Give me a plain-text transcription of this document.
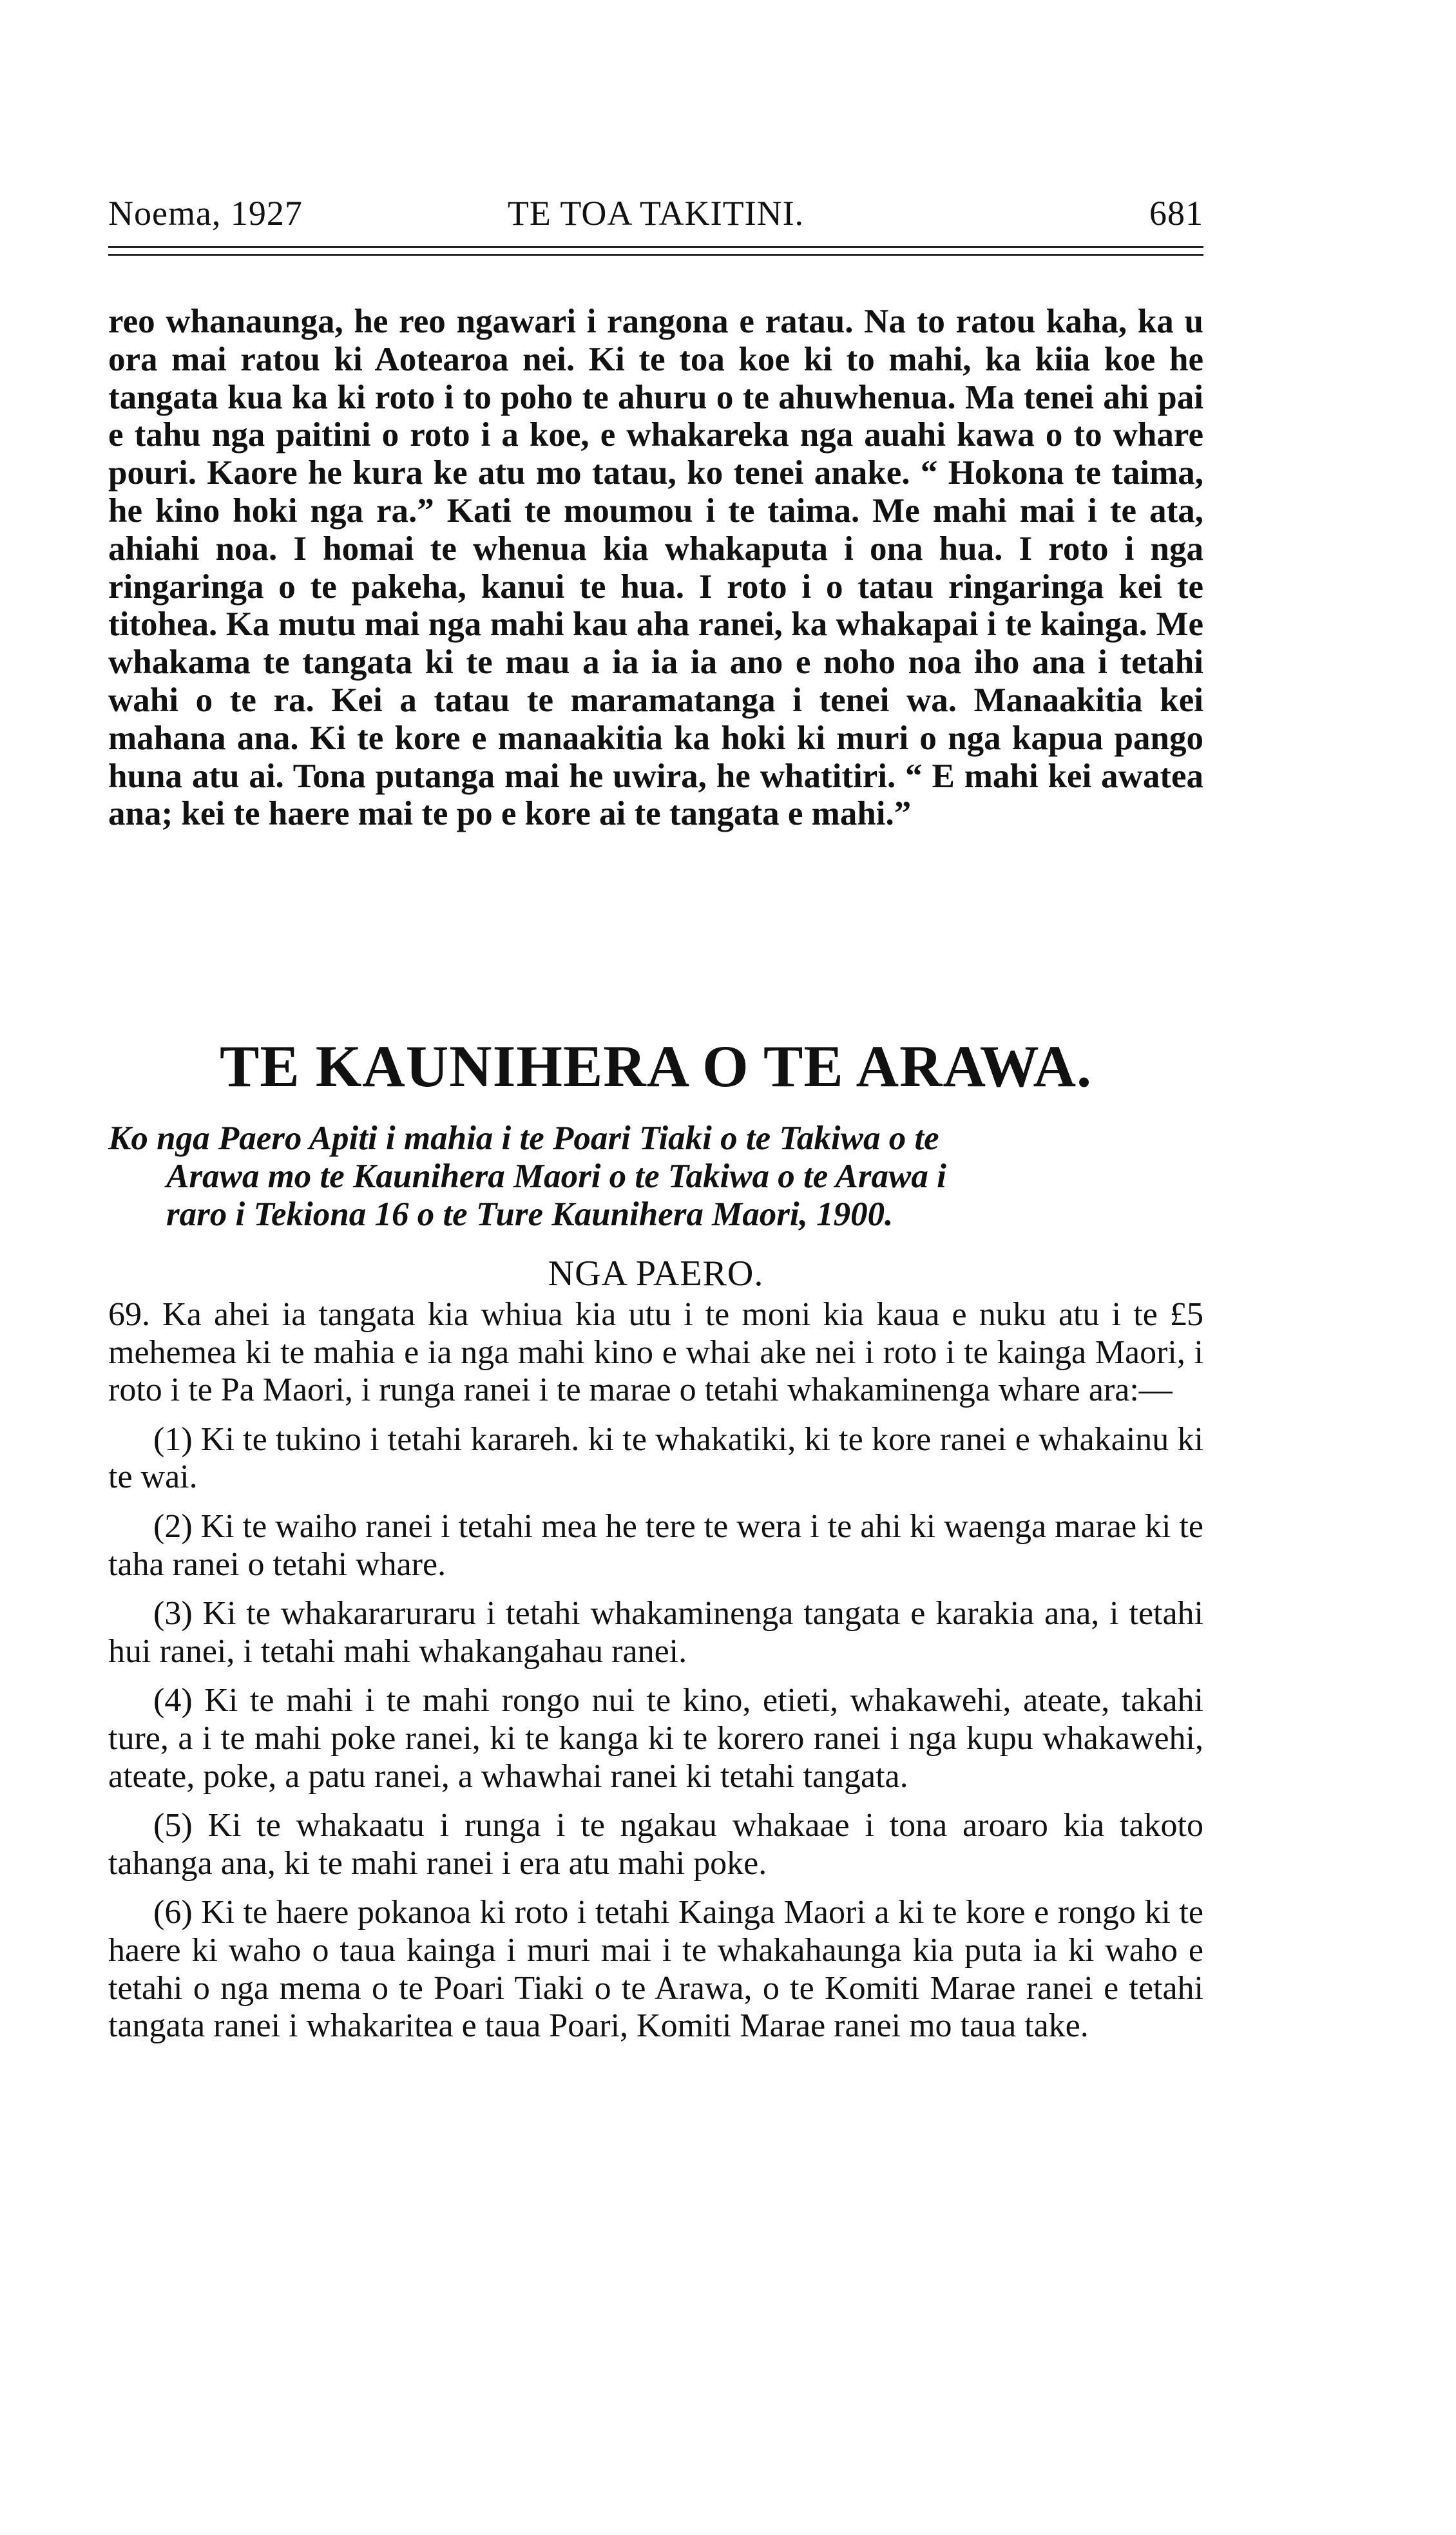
Noema, 1927	TE TOA TAKITINI.	681
reo whanaunga, he reo ngawari i rangona e ratau. Na to ratou kaha, ka u ora mai ratou ki Aotearoa nei. Ki te toa koe ki to mahi, ka kiia koe he tangata kua ka ki roto i to poho te ahuru o te ahuwhenua. Ma tenei ahi pai e tahu nga paitini o roto i a koe, e whakareka nga auahi kawa o to whare pouri. Kaore he kura ke atu mo tatau, ko tenei anake. “ Hokona te taima, he kino hoki nga ra.” Kati te moumou i te taima. Me mahi mai i te ata, ahiahi noa. I homai te whenua kia whakaputa i ona hua. I roto i nga ringaringa o te pakeha, kanui te hua. I roto i o tatau ringaringa kei te titohea. Ka mutu mai nga mahi kau aha ranei, ka whakapai i te kainga. Me whakama te tangata ki te mau a ia ia ia ano e noho noa iho ana i tetahi wahi o te ra. Kei a tatau te maramatanga i tenei wa. Manaakitia kei mahana ana. Ki te kore e manaakitia ka hoki ki muri o nga kapua pango huna atu ai. Tona putanga mai he uwira, he whatitiri. “ E mahi kei awatea ana; kei te haere mai te po e kore ai te tangata e mahi.”
TE KAUNIHERA O TE ARAWA.
Ko nga Paero Apiti i mahia i te Poari Tiaki o te Takiwa o te
Arawa mo te Kaunihera Maori o te Takiwa o te Arawa i
raro i Tekiona 16 o te Ture Kaunihera Maori, 1900.
NGA PAERO.

69. Ka ahei ia tangata kia whiua kia utu i te moni kia kaua e nuku atu i te £5 mehemea ki te mahia e ia nga mahi kino e whai ake nei i roto i te kainga Maori, i roto i te Pa Maori, i runga ranei i te marae o tetahi whakaminenga whare ara:—

(1) Ki te tukino i tetahi karareh. ki te whakatiki, ki te kore ranei e whakainu ki te wai.

(2) Ki te waiho ranei i tetahi mea he tere te wera i te ahi ki waenga marae ki te taha ranei o tetahi whare.

(3) Ki te whakararuraru i tetahi whakaminenga tangata e karakia ana, i tetahi hui ranei, i tetahi mahi whakangahau ranei.

(4) Ki te mahi i te mahi rongo nui te kino, etieti, whakawehi, ateate, takahi ture, a i te mahi poke ranei, ki te kanga ki te korero ranei i nga kupu whakawehi, ateate, poke, a patu ranei, a whawhai ranei ki tetahi tangata.

(5) Ki te whakaatu i runga i te ngakau whakaae i tona aroaro kia takoto tahanga ana, ki te mahi ranei i era atu mahi poke.

(6) Ki te haere pokanoa ki roto i tetahi Kainga Maori a ki te kore e rongo ki te haere ki waho o taua kainga i muri mai i te whakahaunga kia puta ia ki waho e tetahi o nga mema o te Poari Tiaki o te Arawa, o te Komiti Marae ranei e tetahi tangata ranei i whakaritea e taua Poari, Komiti Marae ranei mo taua take.
